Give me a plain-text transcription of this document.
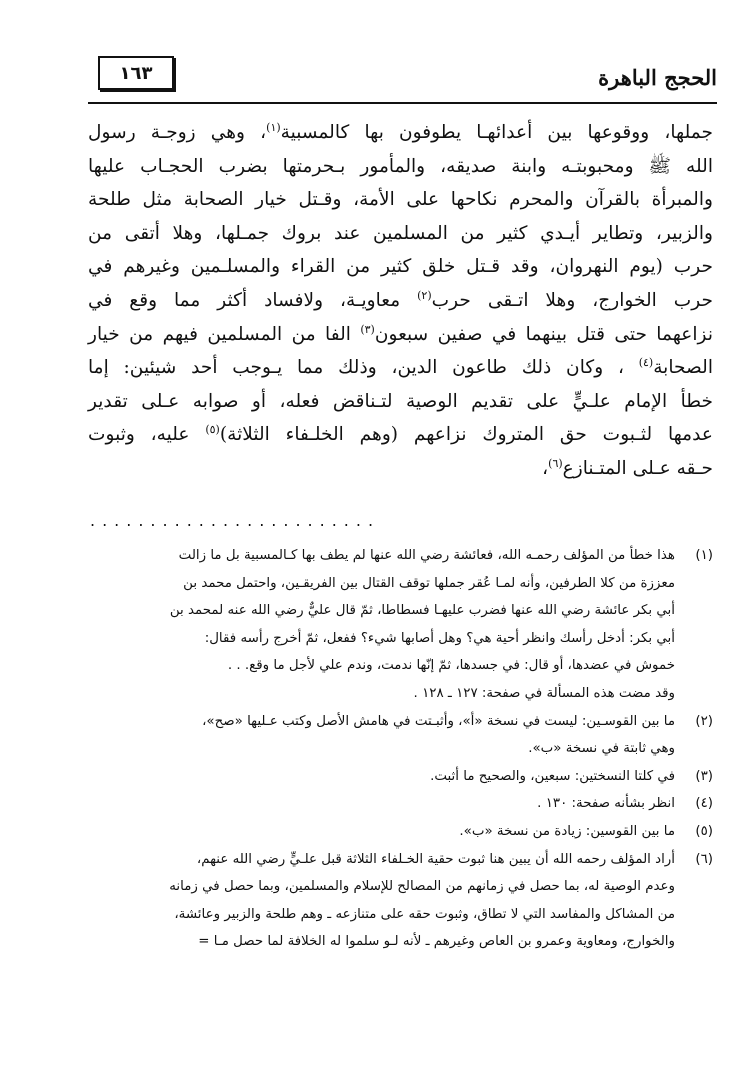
الحجج الباهرة
١٦٣
جملها، ووقوعها بين أعدائهـا يطوفون بها كالمسبية$^{(١)}$، وهي زوجـة رسول
الله ﷺ ومحبوبتـه وابنة صديقه، والمأمور بـحرمتها بضرب الحجـاب عليها
والمبرأة بالقرآن والمحرم نكاحها على الأمة، وقـتل خيار الصحابة مثل طلحة
والزبير، وتطاير أيـدي كثير من المسلمين عند بروك جمـلها، وهلا أتقى من
حرب (يوم النهروان، وقد قـتل خلق كثير من القراء والمسلـمين وغيرهم في
حرب الخوارج، وهلا اتـقى حرب$^{(٢)}$ معاويـة، ولافساد أكثر مما وقع في
نزاعهما حتى قتل بينهما في صفين سبعون$^{(٣)}$ الفا من المسلمين فيهم من خيار
الصحابة$^{(٤)}$ ، وكان ذلك طاعون الدين، وذلك مما يـوجب أحد شيئين: إما
خطأ الإمام علـيٍّ على تقديم الوصية لتـناقض فعله، أو صوابه عـلى تقدير
عدمها لثـبوت حق المتروك نزاعهم (وهم الخلـفاء الثلاثة)$^{(٥)}$ عليه، وثبوت
حـقه عـلى المتـنازع$^{(٦)}$،
........................
(١)هذا خطأ من المؤلف رحمـه الله، فعائشة رضي الله عنها لم يطف بها كـالمسبية بل ما زالت
معززة من كلا الطرفين، وأنه لمـا عُقر جملها توقف القتال بين الفريقـين، واحتمل محمد بن
أبي بكر عائشة رضي الله عنها فضرب عليهـا فسطاطا، ثمّ قال عليٌّ رضي الله عنه لمحمد بن
أبي بكر: أدخل رأسك وانظر أحية هي؟ وهل أصابها شيء؟ ففعل، ثمّ أخرج رأسه فقال:
خموش في عضدها، أو قال: في جسدها، ثمّ إنّها ندمت، وندم علي لأجل ما وقع. . .
وقد مضت هذه المسألة في صفحة: ١٢٧ ـ ١٢٨ .
(٢)ما بين القوسـين: ليست في نسخة «أ»، وأثبـتت في هامش الأصل وكتب عـليها «صح»،
وهي ثابتة في نسخة «ب».
(٣)في كلتا النسختين: سبعين، والصحيح ما أثبت.
(٤)انظر بشأنه صفحة: ١٣٠ .
(٥)ما بين القوسين: زيادة من نسخة «ب».
(٦)أراد المؤلف رحمه الله أن يبين هنا ثبوت حقية الخـلفاء الثلاثة قبل علـيٍّ رضي الله عنهم،
وعدم الوصية له، بما حصل في زمانهم من المصالح للإسلام والمسلمين، وبما حصل في زمانه
من المشاكل والمفاسد التي لا تطاق، وثبوت حقه على متنازعه ـ وهم طلحة والزبير وعائشة،
والخوارج، ومعاوية وعمرو بن العاص وغيرهم ـ لأنه لـو سلموا له الخلافة لما حصل مـا =
